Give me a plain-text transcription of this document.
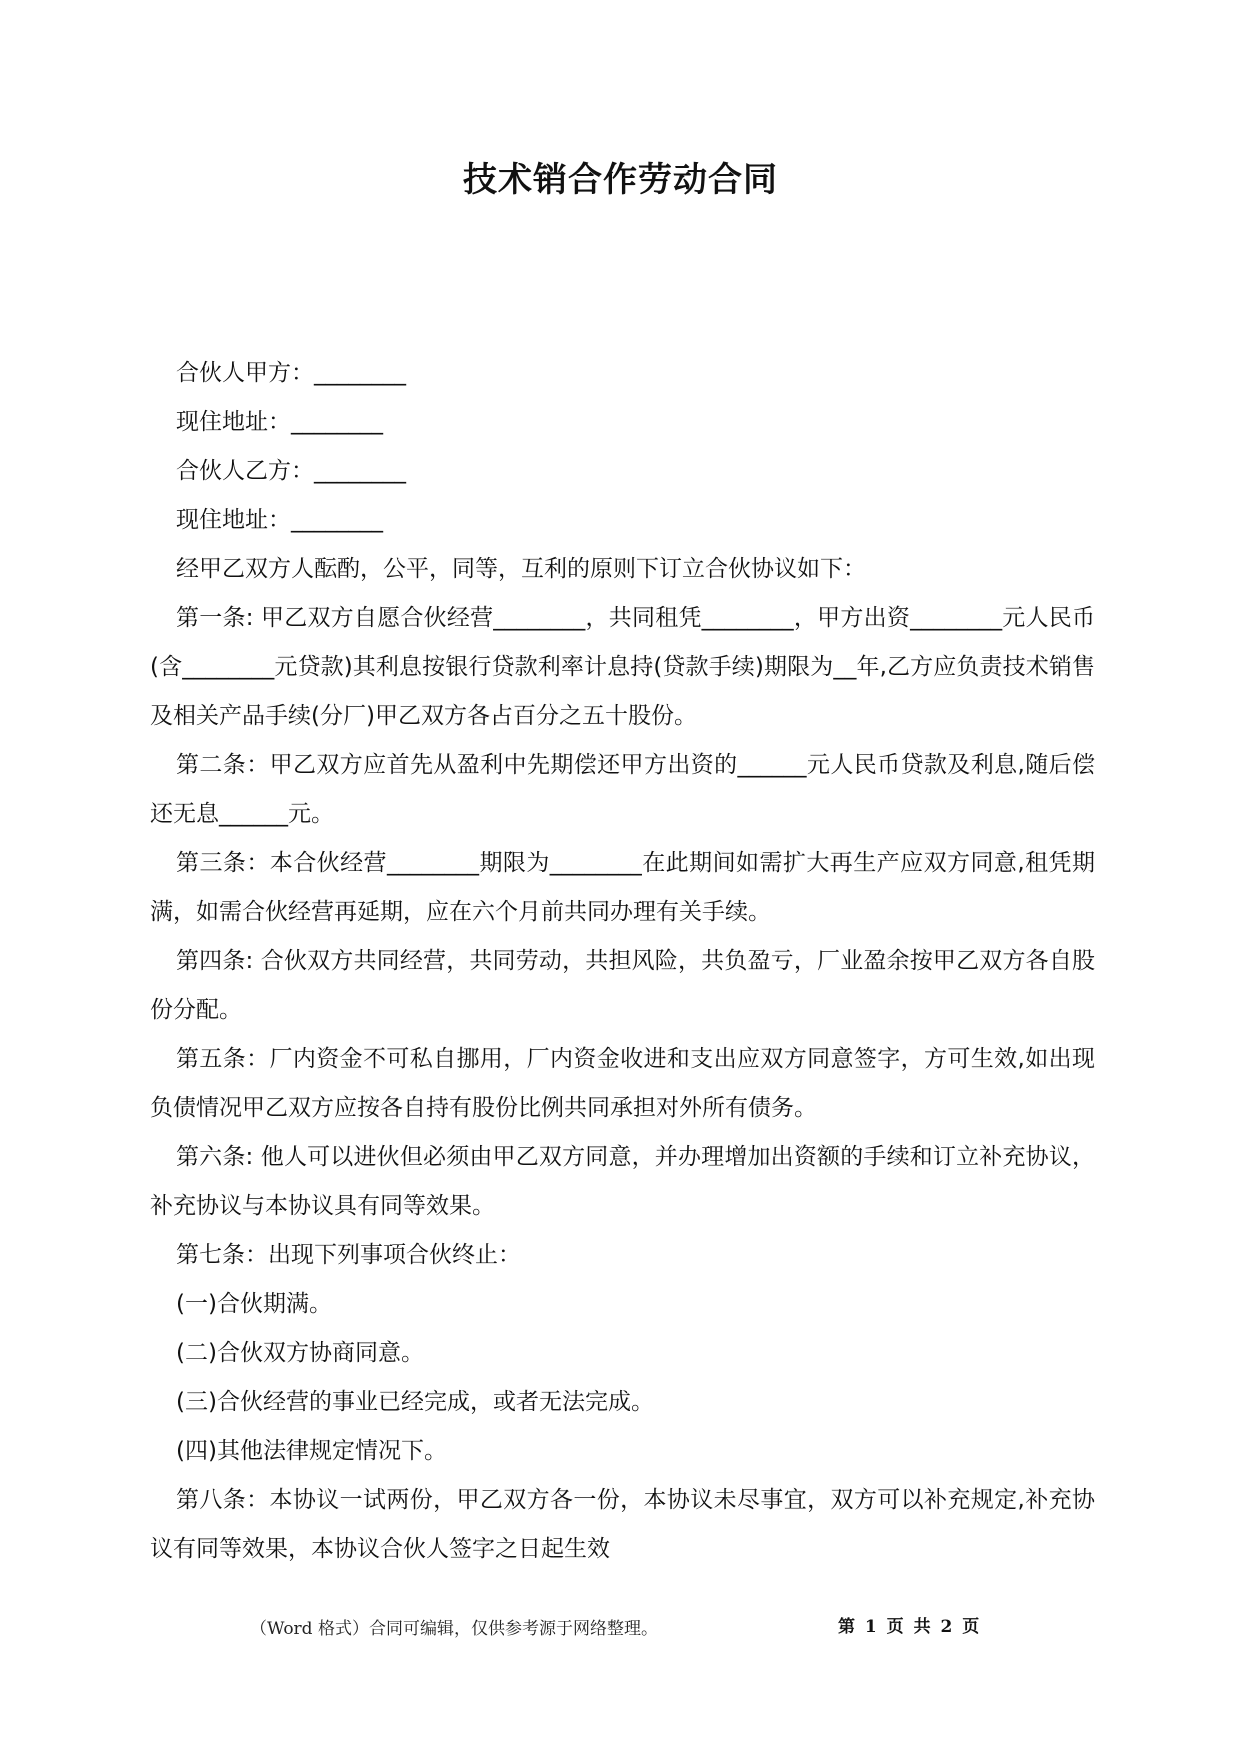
技术销合作劳动合同

合伙人甲方：________

现住地址：________

合伙人乙方：________

现住地址：________

经甲乙双方人酝酌，公平，同等，互利的原则下订立合伙协议如下：

第一条: 甲乙双方自愿合伙经营________，共同租凭________，甲方出资________元人民币(含________元贷款)其利息按银行贷款利率计息持(贷款手续)期限为__年,乙方应负责技术销售及相关产品手续(分厂)甲乙双方各占百分之五十股份。

第二条：甲乙双方应首先从盈利中先期偿还甲方出资的______元人民币贷款及利息,随后偿还无息______元。

第三条：本合伙经营________期限为________在此期间如需扩大再生产应双方同意,租凭期满，如需合伙经营再延期，应在六个月前共同办理有关手续。

第四条: 合伙双方共同经营，共同劳动，共担风险，共负盈亏，厂业盈余按甲乙双方各自股份分配。

第五条：厂内资金不可私自挪用，厂内资金收进和支出应双方同意签字，方可生效,如出现负债情况甲乙双方应按各自持有股份比例共同承担对外所有债务。

第六条: 他人可以进伙但必须由甲乙双方同意，并办理增加出资额的手续和订立补充协议，补充协议与本协议具有同等效果。

第七条：出现下列事项合伙终止：

(一)合伙期满。

(二)合伙双方协商同意。

(三)合伙经营的事业已经完成，或者无法完成。

(四)其他法律规定情况下。

第八条：本协议一试两份，甲乙双方各一份，本协议未尽事宜，双方可以补充规定,补充协议有同等效果，本协议合伙人签字之日起生效

（Word 格式）合同可编辑，仅供参考源于网络整理。	第 1 页 共 2 页
